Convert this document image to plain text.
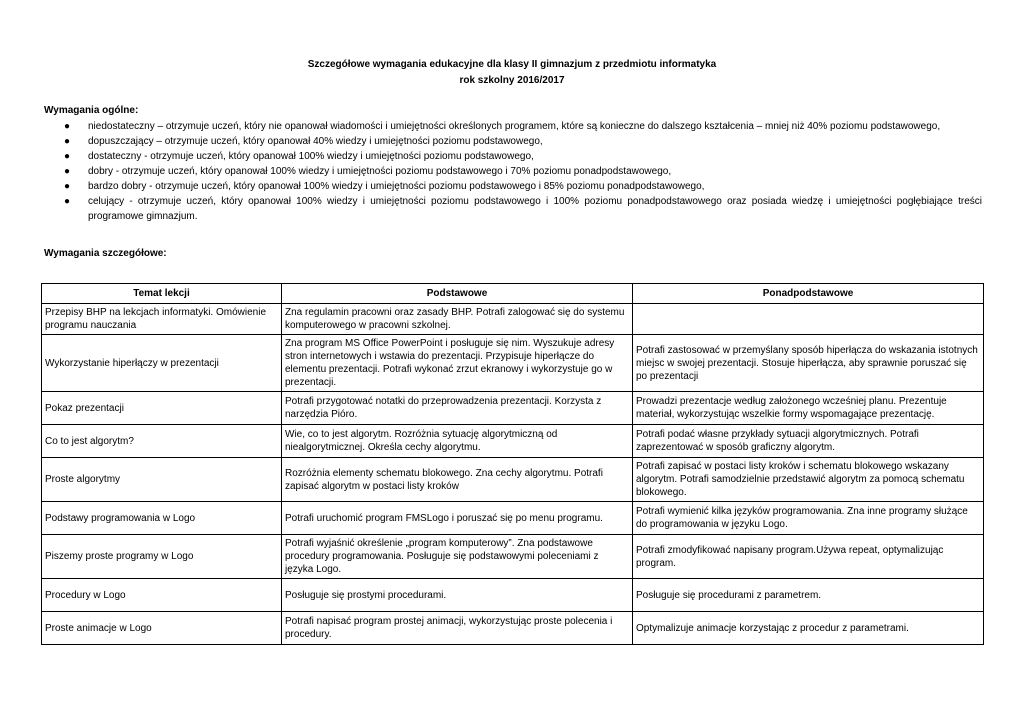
Szczegółowe wymagania edukacyjne dla klasy II gimnazjum z przedmiotu informatyka
rok szkolny 2016/2017
Wymagania ogólne:
● niedostateczny – otrzymuje uczeń, który nie opanował wiadomości i umiejętności określonych programem, które są konieczne do dalszego kształcenia – mniej niż 40% poziomu podstawowego,
● dopuszczający – otrzymuje uczeń, który opanował 40% wiedzy i umiejętności poziomu podstawowego,
● dostateczny - otrzymuje uczeń, który opanował 100% wiedzy i umiejętności poziomu podstawowego,
● dobry - otrzymuje uczeń, który opanował 100% wiedzy i umiejętności poziomu podstawowego i 70% poziomu ponadpodstawowego,
● bardzo dobry - otrzymuje uczeń, który opanował 100% wiedzy i umiejętności poziomu podstawowego i 85% poziomu ponadpodstawowego,
● celujący - otrzymuje uczeń, który opanował 100% wiedzy i umiejętności poziomu podstawowego i 100% poziomu ponadpodstawowego oraz posiada wiedzę i umiejętności pogłębiające treści programowe gimnazjum.
Wymagania szczegółowe:
Temat lekcji	Podstawowe	Ponadpodstawowe
Przepisy BHP na lekcjach informatyki. Omówienie programu nauczania	Zna regulamin pracowni oraz zasady BHP. Potrafi zalogować się do systemu komputerowego w pracowni szkolnej.	
Wykorzystanie hiperłączy w prezentacji	Zna program MS Office PowerPoint i posługuje się nim. Wyszukuje adresy stron internetowych i wstawia do prezentacji. Przypisuje hiperłącze do elementu prezentacji. Potrafi wykonać zrzut ekranowy i wykorzystuje go w prezentacji.	Potrafi zastosować w przemyślany sposób hiperłącza do wskazania istotnych miejsc w swojej prezentacji. Stosuje hiperłącza, aby sprawnie poruszać się po prezentacji
Pokaz prezentacji	Potrafi przygotować notatki do przeprowadzenia prezentacji. Korzysta z narzędzia Pióro.	Prowadzi prezentacje według założonego wcześniej planu. Prezentuje materiał, wykorzystując wszelkie formy wspomagające prezentację.
Co to jest algorytm?	Wie, co to jest algorytm. Rozróżnia sytuację algorytmiczną od niealgorytmicznej. Określa cechy algorytmu.	Potrafi podać własne przykłady sytuacji algorytmicznych. Potrafi zaprezentować w sposób graficzny algorytm.
Proste algorytmy	Rozróżnia elementy schematu blokowego. Zna cechy algorytmu. Potrafi zapisać algorytm w postaci listy kroków	Potrafi zapisać w postaci listy kroków i schematu blokowego wskazany algorytm. Potrafi samodzielnie przedstawić algorytm za pomocą schematu blokowego.
Podstawy programowania w Logo	Potrafi uruchomić program FMSLogo i poruszać się po menu programu.	Potrafi wymienić kilka języków programowania. Zna inne programy służące do programowania w języku Logo.
Piszemy proste programy w Logo	Potrafi wyjaśnić określenie „program komputerowy”. Zna podstawowe procedury programowania. Posługuje się podstawowymi poleceniami z języka Logo.	Potrafi zmodyfikować napisany program.Używa repeat, optymalizując program.
Procedury w Logo	Posługuje się prostymi procedurami.	Posługuje się procedurami z parametrem.
Proste animacje w Logo	Potrafi napisać program prostej animacji, wykorzystując proste polecenia i procedury.	Optymalizuje animacje korzystając z procedur z parametrami.
